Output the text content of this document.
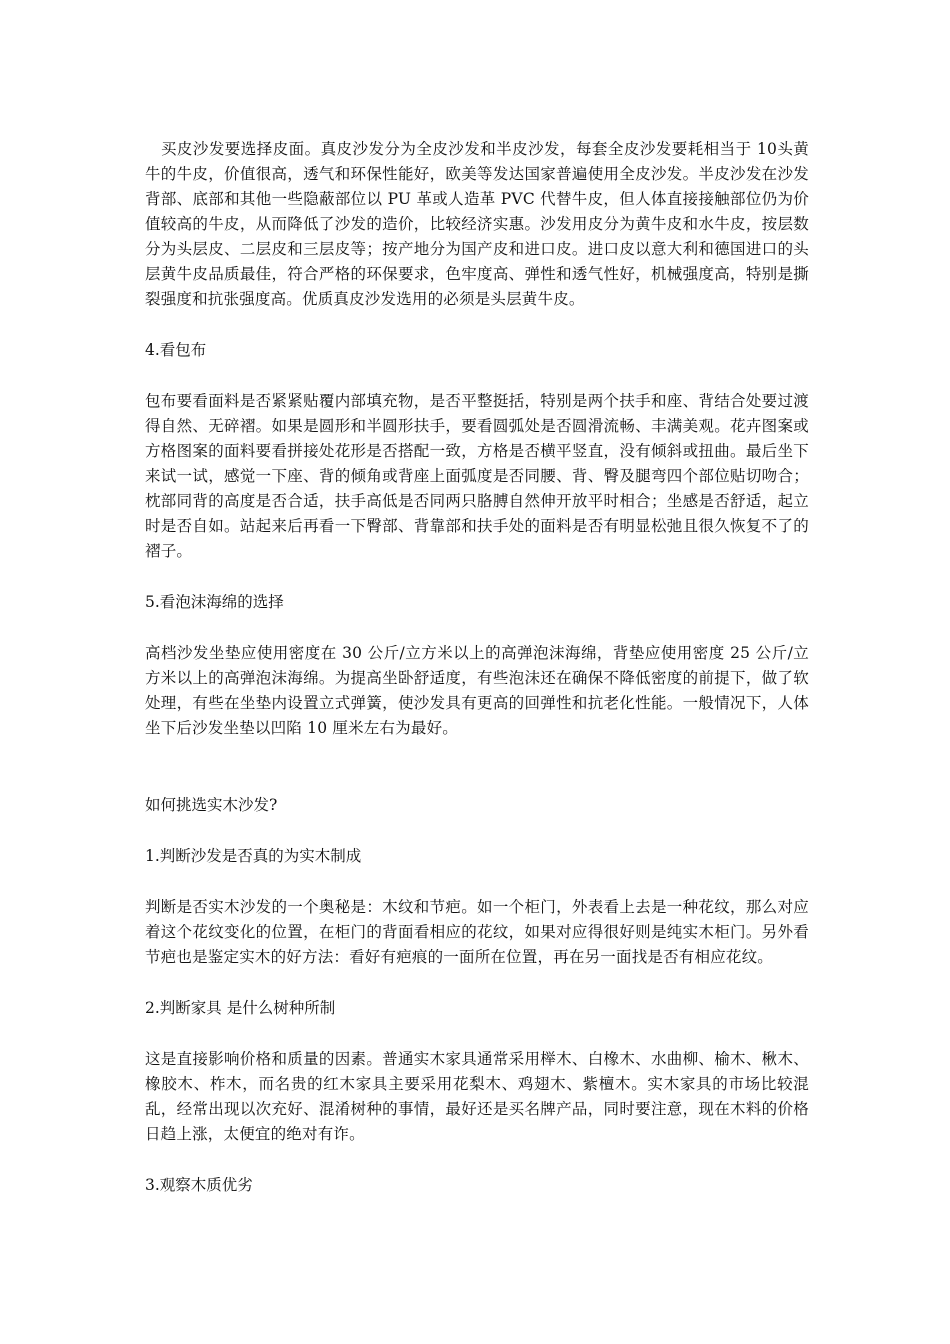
　买皮沙发要选择皮面。真皮沙发分为全皮沙发和半皮沙发，每套全皮沙发要耗相当于 10头黄牛的牛皮，价值很高，透气和环保性能好，欧美等发达国家普遍使用全皮沙发。半皮沙发在沙发背部、底部和其他一些隐蔽部位以 PU 革或人造革 PVC 代替牛皮，但人体直接接触部位仍为价值较高的牛皮，从而降低了沙发的造价，比较经济实惠。沙发用皮分为黄牛皮和水牛皮，按层数分为头层皮、二层皮和三层皮等；按产地分为国产皮和进口皮。进口皮以意大利和德国进口的头层黄牛皮品质最佳，符合严格的环保要求，色牢度高、弹性和透气性好，机械强度高，特别是撕裂强度和抗张强度高。优质真皮沙发选用的必须是头层黄牛皮。

4.看包布

包布要看面料是否紧紧贴覆内部填充物，是否平整挺括，特别是两个扶手和座、背结合处要过渡得自然、无碎褶。如果是圆形和半圆形扶手，要看圆弧处是否圆滑流畅、丰满美观。花卉图案或方格图案的面料要看拼接处花形是否搭配一致，方格是否横平竖直，没有倾斜或扭曲。最后坐下来试一试，感觉一下座、背的倾角或背座上面弧度是否同腰、背、臀及腿弯四个部位贴切吻合；枕部同背的高度是否合适，扶手高低是否同两只胳膊自然伸开放平时相合；坐感是否舒适，起立时是否自如。站起来后再看一下臀部、背靠部和扶手处的面料是否有明显松弛且很久恢复不了的褶子。

5.看泡沫海绵的选择

高档沙发坐垫应使用密度在 30 公斤/立方米以上的高弹泡沫海绵，背垫应使用密度 25 公斤/立方米以上的高弹泡沫海绵。为提高坐卧舒适度，有些泡沫还在确保不降低密度的前提下，做了软处理，有些在坐垫内设置立式弹簧，使沙发具有更高的回弹性和抗老化性能。一般情况下，人体坐下后沙发坐垫以凹陷 10 厘米左右为最好。

如何挑选实木沙发?

1.判断沙发是否真的为实木制成

判断是否实木沙发的一个奥秘是：木纹和节疤。如一个柜门，外表看上去是一种花纹，那么对应着这个花纹变化的位置，在柜门的背面看相应的花纹，如果对应得很好则是纯实木柜门。另外看节疤也是鉴定实木的好方法：看好有疤痕的一面所在位置，再在另一面找是否有相应花纹。

2.判断家具 是什么树种所制

这是直接影响价格和质量的因素。普通实木家具通常采用榉木、白橡木、水曲柳、榆木、楸木、橡胶木、柞木，而名贵的红木家具主要采用花梨木、鸡翅木、紫檀木。实木家具的市场比较混乱，经常出现以次充好、混淆树种的事情，最好还是买名牌产品，同时要注意，现在木料的价格日趋上涨，太便宜的绝对有诈。

3.观察木质优劣
